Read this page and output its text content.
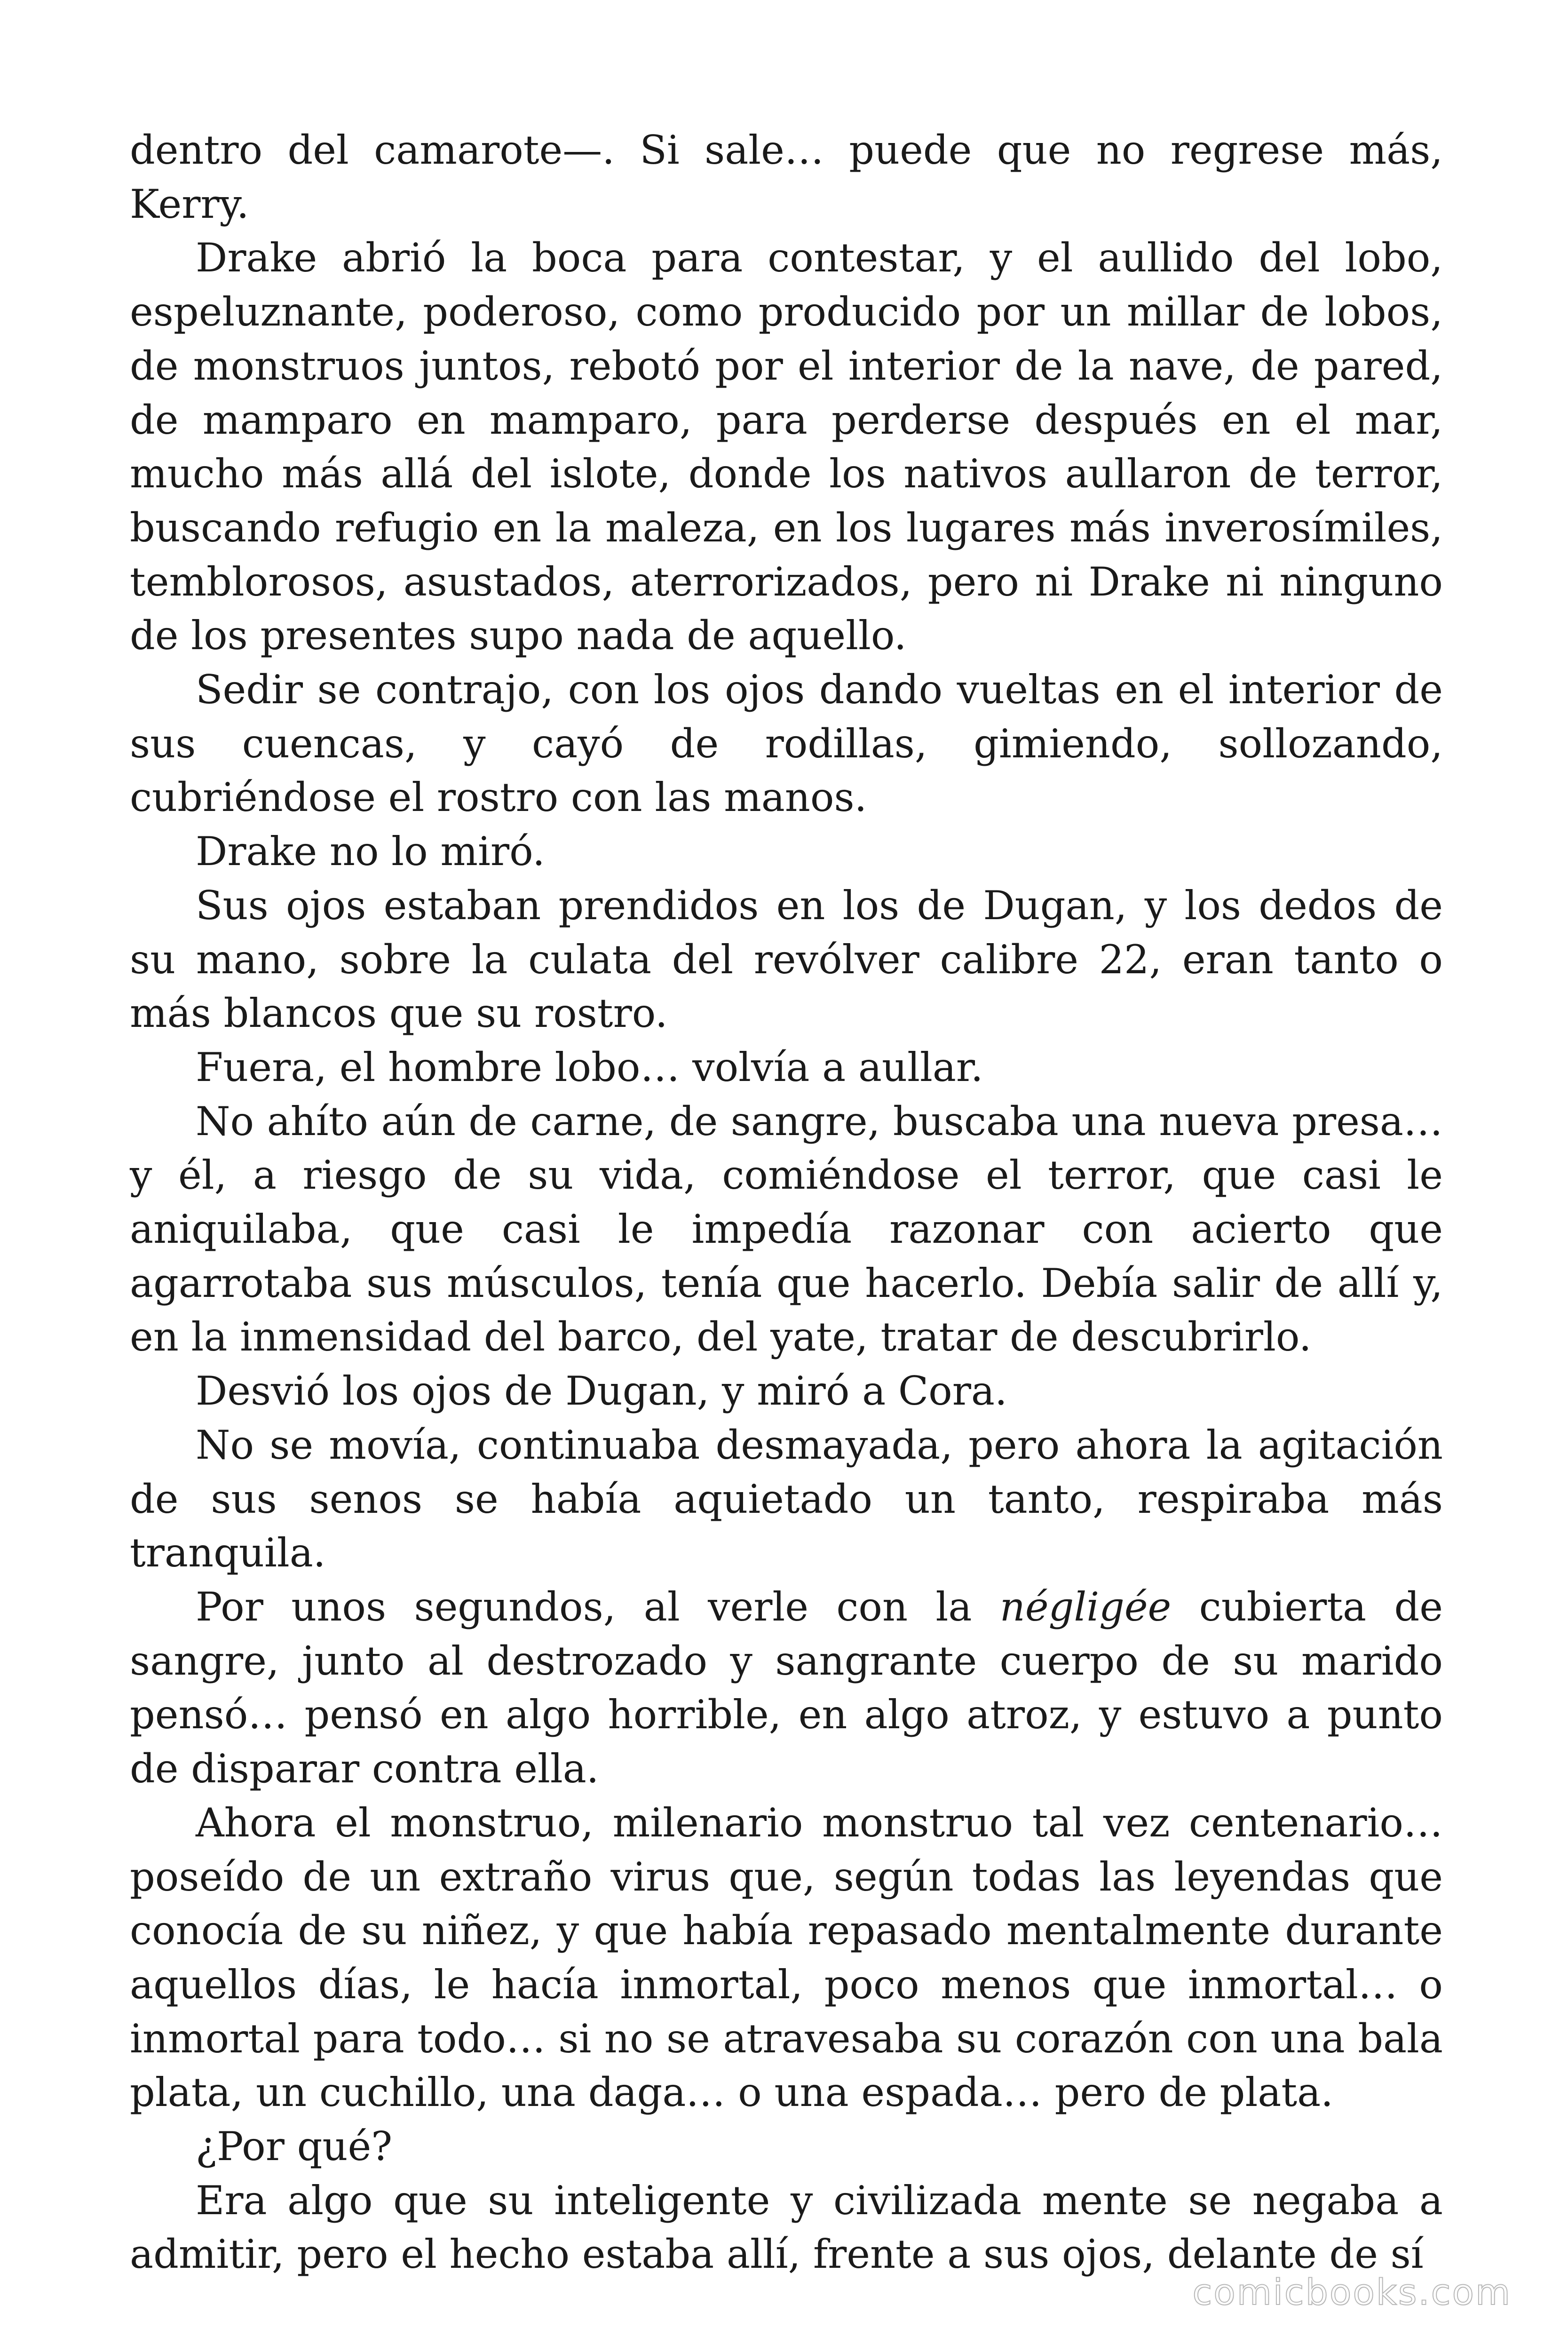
dentro del camarote—. Si sale… puede que no regrese más, Kerry.

Drake abrió la boca para contestar, y el aullido del lobo, espeluznante, poderoso, como producido por un millar de lobos, de monstruos juntos, rebotó por el interior de la nave, de pared, de mamparo en mamparo, para perderse después en el mar, mucho más allá del islote, donde los nativos aullaron de terror, buscando refugio en la maleza, en los lugares más inverosímiles, temblorosos, asustados, aterrorizados, pero ni Drake ni ninguno de los presentes supo nada de aquello.

Sedir se contrajo, con los ojos dando vueltas en el interior de sus cuencas, y cayó de rodillas, gimiendo, sollozando, cubriéndose el rostro con las manos.

Drake no lo miró.

Sus ojos estaban prendidos en los de Dugan, y los dedos de su mano, sobre la culata del revólver calibre 22, eran tanto o más blancos que su rostro.

Fuera, el hombre lobo… volvía a aullar.

No ahíto aún de carne, de sangre, buscaba una nueva presa… y él, a riesgo de su vida, comiéndose el terror, que casi le aniquilaba, que casi le impedía razonar con acierto que agarrotaba sus músculos, tenía que hacerlo. Debía salir de allí y, en la inmensidad del barco, del yate, tratar de descubrirlo.

Desvió los ojos de Dugan, y miró a Cora.

No se movía, continuaba desmayada, pero ahora la agitación de sus senos se había aquietado un tanto, respiraba más tranquila.

Por unos segundos, al verle con la négligée cubierta de sangre, junto al destrozado y sangrante cuerpo de su marido pensó… pensó en algo horrible, en algo atroz, y estuvo a punto de disparar contra ella.

Ahora el monstruo, milenario monstruo tal vez centenario… poseído de un extraño virus que, según todas las leyendas que conocía de su niñez, y que había repasado mentalmente durante aquellos días, le hacía inmortal, poco menos que inmortal… o inmortal para todo… si no se atravesaba su corazón con una bala plata, un cuchillo, una daga… o una espada… pero de plata.

¿Por qué?

Era algo que su inteligente y civilizada mente se negaba a admitir, pero el hecho estaba allí, frente a sus ojos, delante de sí

comicbooks.com
